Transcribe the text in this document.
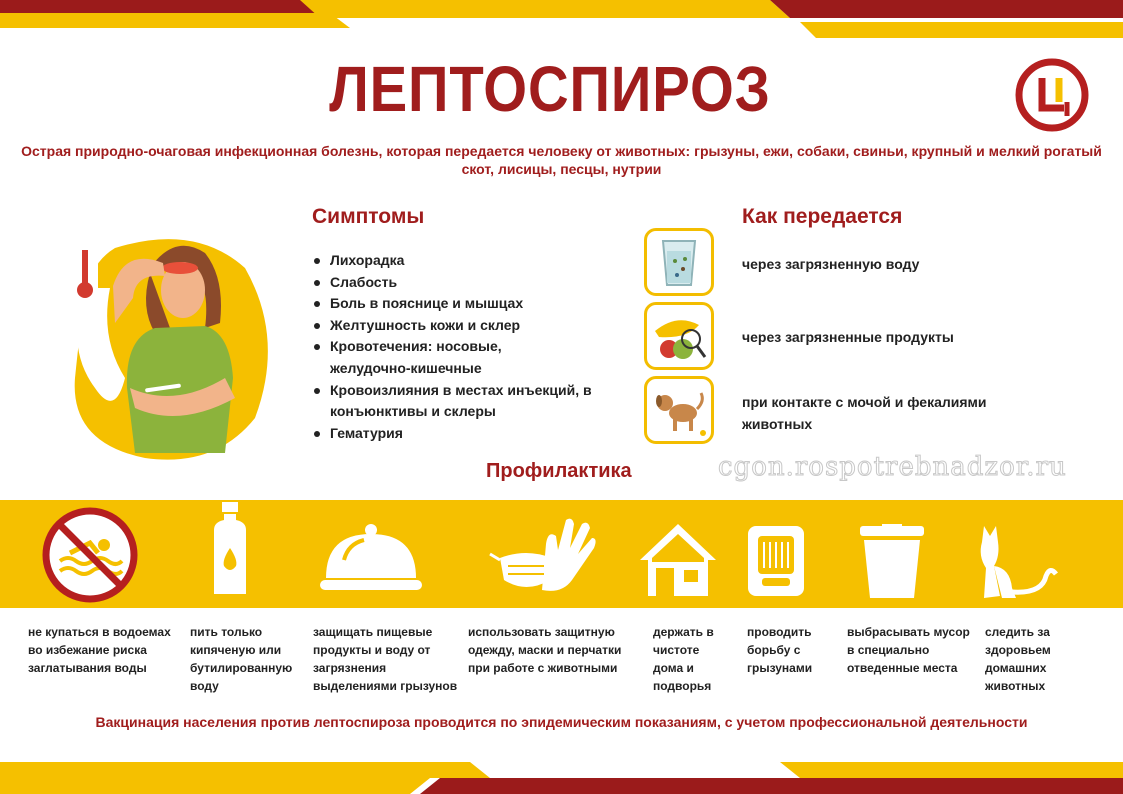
ЛЕПТОСПИРОЗ
Острая природно-очаговая инфекционная болезнь, которая передается человеку от животных: грызуны, ежи, собаки, свиньи, крупный и мелкий рогатый скот, лисицы, песцы, нутрии
Симптомы
Лихорадка
Слабость
Боль в пояснице и мышцах
Желтушность кожи и склер
Кровотечения: носовые, желудочно-кишечные
Кровоизлияния в местах инъекций, в конъюнктивы и склеры
Гематурия
Как передается
через загрязненную воду
через загрязненные продукты
при контакте с мочой и фекалиями животных
Профилактика	cgon.rospotrebnadzor.ru
не купаться в водоемах во избежание риска заглатывания воды
пить только кипяченую или бутилированную воду
защищать пищевые продукты и воду от загрязнения выделениями грызунов
использовать защитную одежду, маски и перчатки при работе с животными
держать в чистоте дома и подворья
проводить борьбу с грызунами
выбрасывать мусор в специально отведенные места
следить за здоровьем домашних животных
Вакцинация населения против лептоспироза проводится по эпидемическим показаниям, с учетом профессиональной деятельности
